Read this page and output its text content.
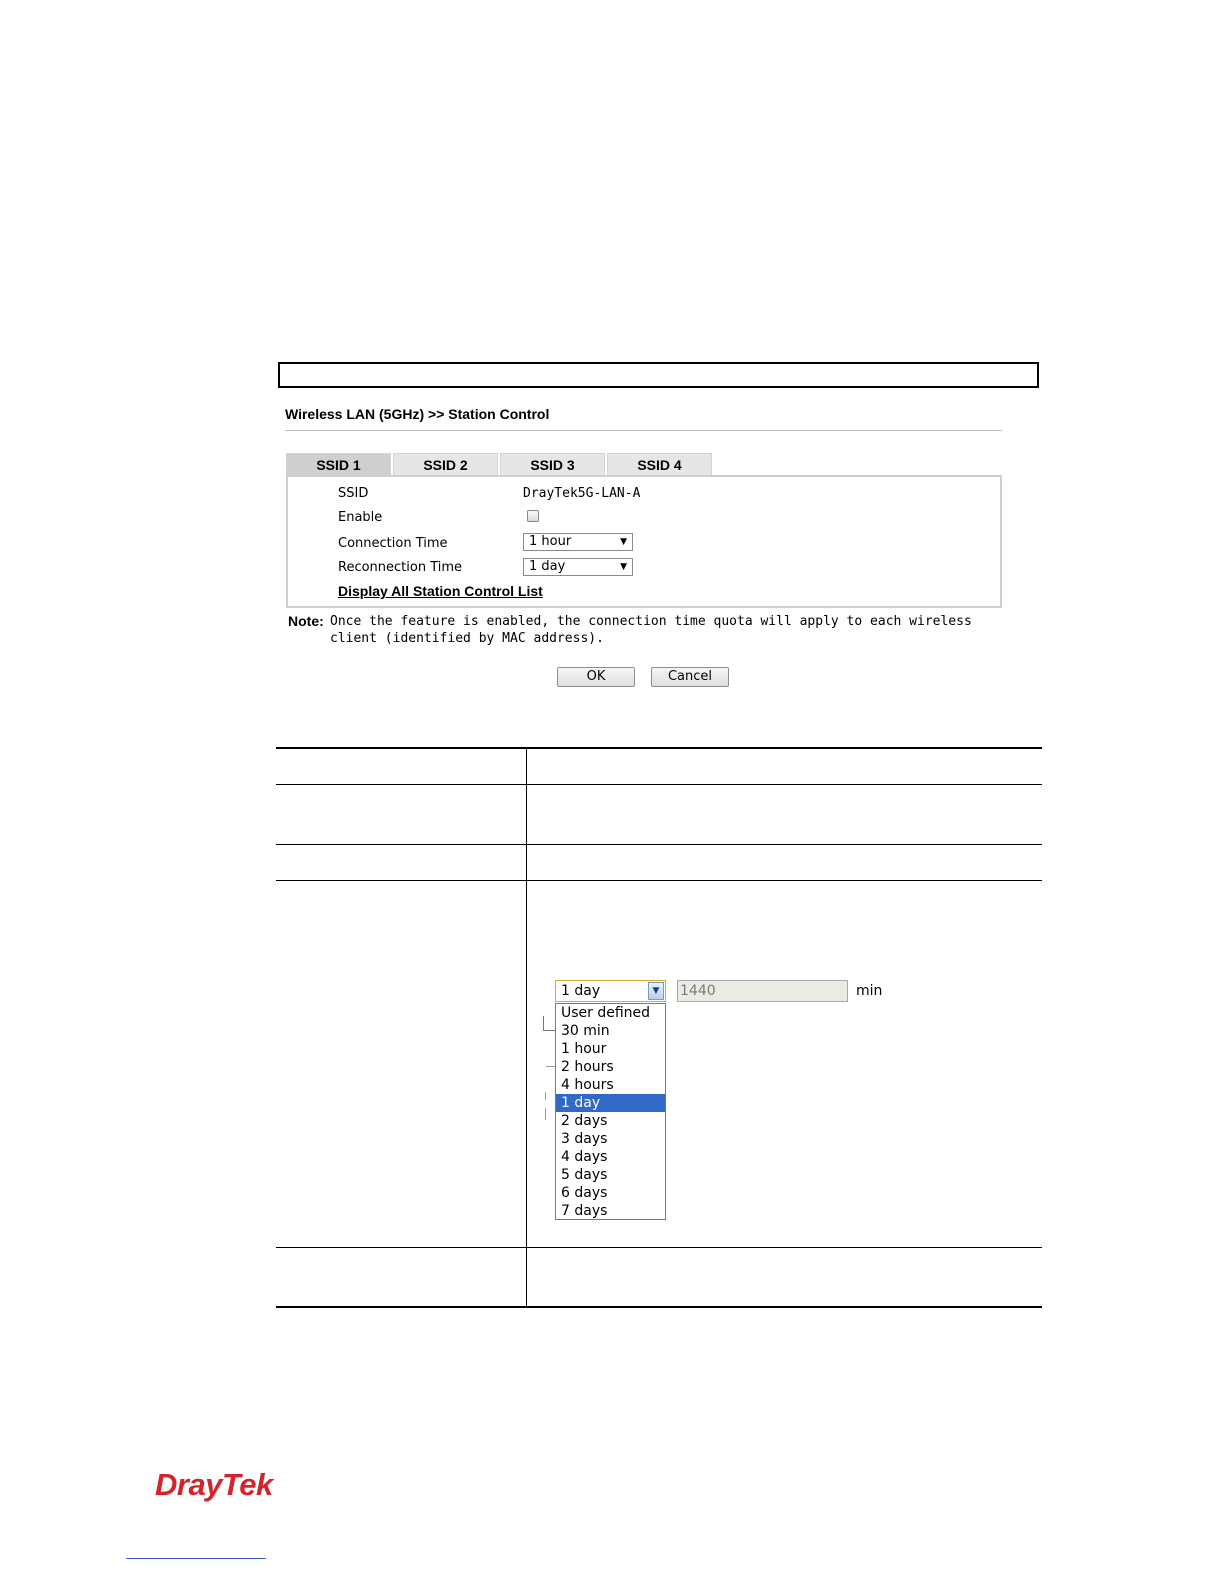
Wireless LAN (5GHz) >> Station Control
SSID 1	SSID 2	SSID 3	SSID 4
SSID	DrayTek5G-LAN-A
Enable
Connection Time	1 hour	▼
Reconnection Time	1 day	▼
Display All Station Control List
Note: Once the feature is enabled, the connection time quota will apply to each wireless client (identified by MAC address).
OK	Cancel
1 day	▼	1440	min
User defined
30 min
1 hour
2 hours
4 hours
1 day
2 days
3 days
4 days
5 days
6 days
7 days
DrayTek
